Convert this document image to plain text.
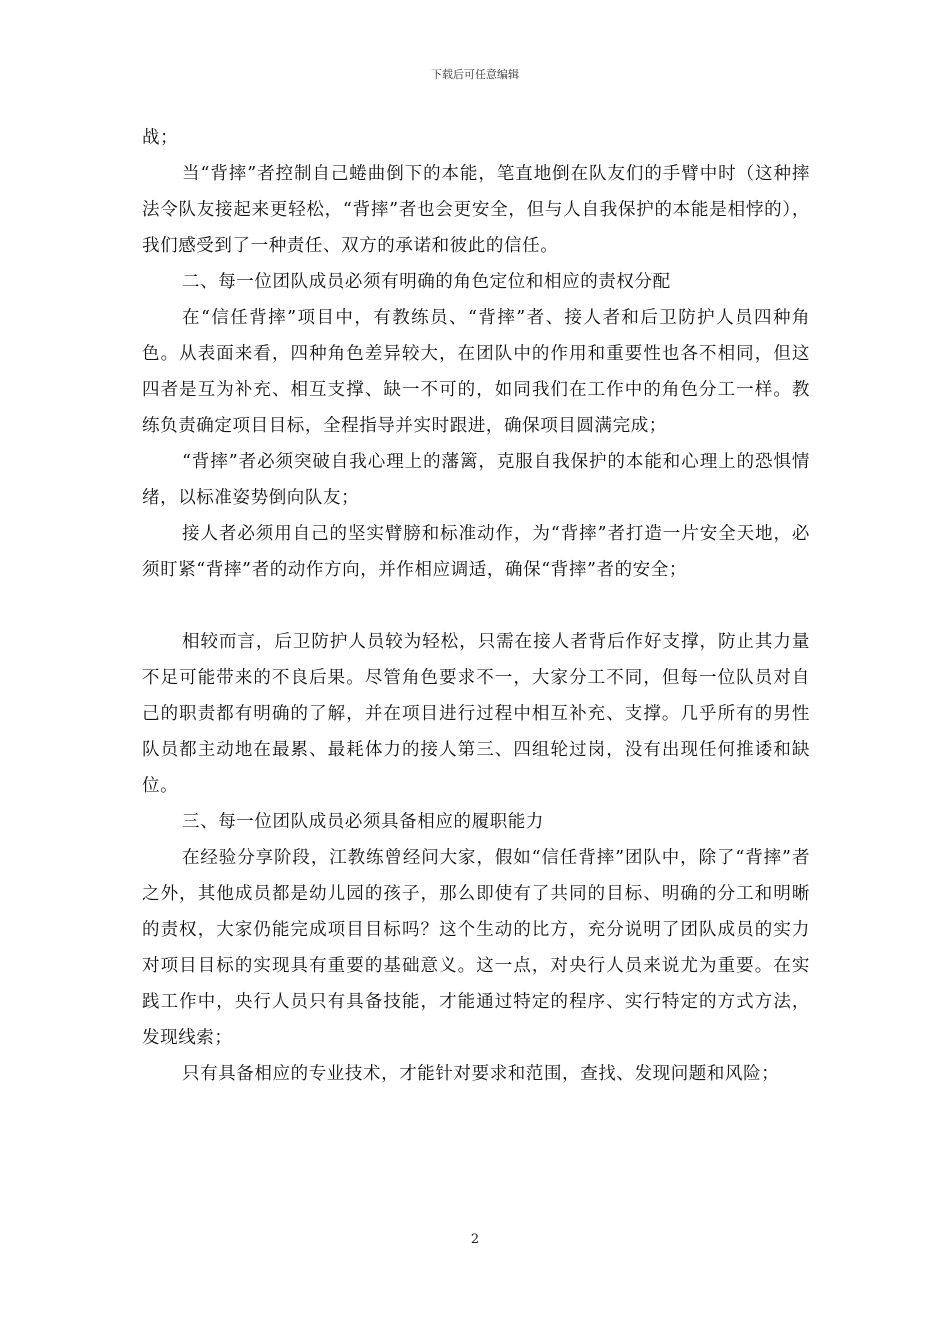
下载后可任意编辑

战；

当“背摔”者控制自己蜷曲倒下的本能，笔直地倒在队友们的手臂中时（这种摔法令队友接起来更轻松，“背摔”者也会更安全，但与人自我保护的本能是相悖的），我们感受到了一种责任、双方的承诺和彼此的信任。

二、每一位团队成员必须有明确的角色定位和相应的责权分配

在“信任背摔”项目中，有教练员、“背摔”者、接人者和后卫防护人员四种角色。从表面来看，四种角色差异较大，在团队中的作用和重要性也各不相同，但这四者是互为补充、相互支撑、缺一不可的，如同我们在工作中的角色分工一样。教练负责确定项目目标，全程指导并实时跟进，确保项目圆满完成；

“背摔”者必须突破自我心理上的藩篱，克服自我保护的本能和心理上的恐惧情绪，以标准姿势倒向队友；

接人者必须用自己的坚实臂膀和标准动作，为“背摔”者打造一片安全天地，必须盯紧“背摔”者的动作方向，并作相应调适，确保“背摔”者的安全；

相较而言，后卫防护人员较为轻松，只需在接人者背后作好支撑，防止其力量不足可能带来的不良后果。尽管角色要求不一，大家分工不同，但每一位队员对自己的职责都有明确的了解，并在项目进行过程中相互补充、支撑。几乎所有的男性队员都主动地在最累、最耗体力的接人第三、四组轮过岗，没有出现任何推诿和缺位。

三、每一位团队成员必须具备相应的履职能力

在经验分享阶段，江教练曾经问大家，假如“信任背摔”团队中，除了“背摔”者之外，其他成员都是幼儿园的孩子，那么即使有了共同的目标、明确的分工和明晰的责权，大家仍能完成项目目标吗？这个生动的比方，充分说明了团队成员的实力对项目目标的实现具有重要的基础意义。这一点，对央行人员来说尤为重要。在实践工作中，央行人员只有具备技能，才能通过特定的程序、实行特定的方式方法，发现线索；

只有具备相应的专业技术，才能针对要求和范围，查找、发现问题和风险；

2
